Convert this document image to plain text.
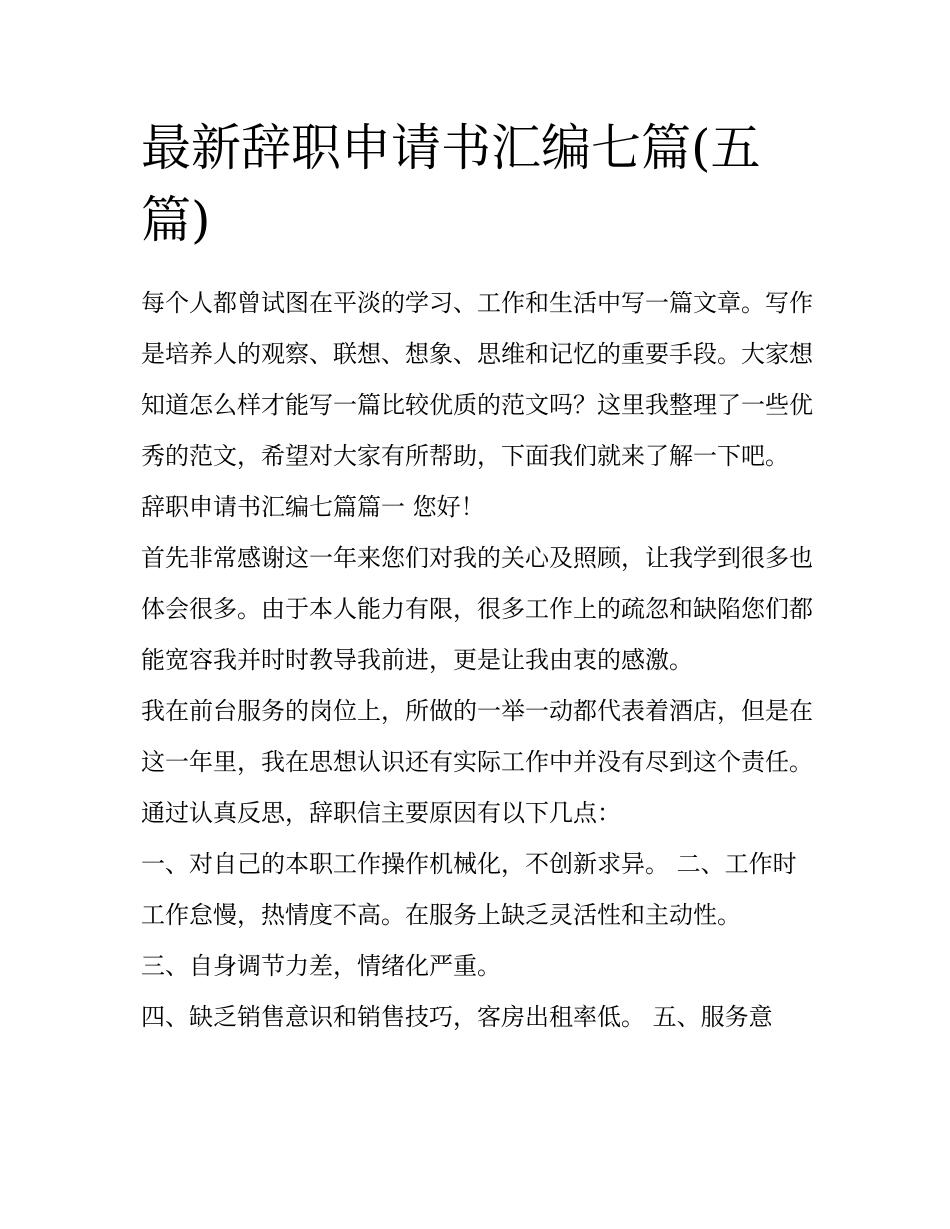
最新辞职申请书汇编七篇(五篇)

每个人都曾试图在平淡的学习、工作和生活中写一篇文章。写作是培养人的观察、联想、想象、思维和记忆的重要手段。大家想知道怎么样才能写一篇比较优质的范文吗？这里我整理了一些优秀的范文，希望对大家有所帮助，下面我们就来了解一下吧。

辞职申请书汇编七篇篇一 您好！

首先非常感谢这一年来您们对我的关心及照顾，让我学到很多也体会很多。由于本人能力有限，很多工作上的疏忽和缺陷您们都能宽容我并时时教导我前进，更是让我由衷的感激。

我在前台服务的岗位上，所做的一举一动都代表着酒店，但是在这一年里，我在思想认识还有实际工作中并没有尽到这个责任。通过认真反思，辞职信主要原因有以下几点：

一、对自己的本职工作操作机械化，不创新求异。 二、工作时工作怠慢，热情度不高。在服务上缺乏灵活性和主动性。

三、自身调节力差，情绪化严重。

四、缺乏销售意识和销售技巧，客房出租率低。 五、服务意
